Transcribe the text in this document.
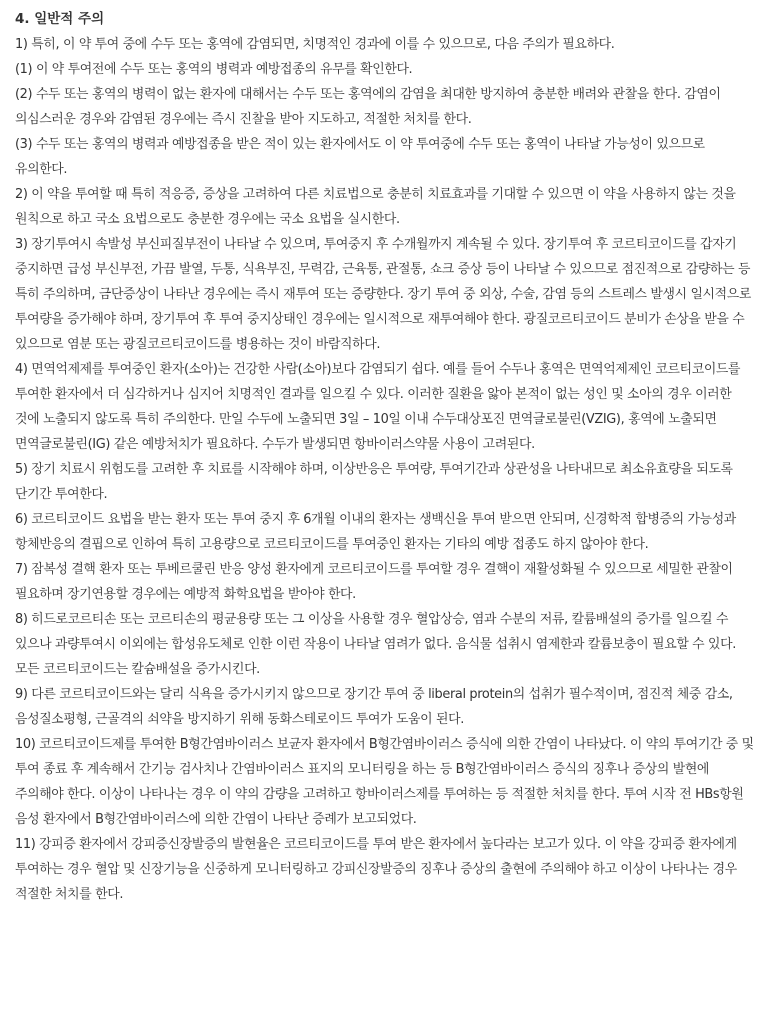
4. 일반적 주의

1) 특히, 이 약 투여 중에 수두 또는 홍역에 감염되면, 치명적인 경과에 이를 수 있으므로, 다음 주의가 필요하다.

(1) 이 약 투여전에 수두 또는 홍역의 병력과 예방접종의 유무를 확인한다.

(2) 수두 또는 홍역의 병력이 없는 환자에 대해서는 수두 또는 홍역에의 감염을 최대한 방지하여 충분한 배려와 관찰을 한다. 감염이 의심스러운 경우와 감염된 경우에는 즉시 진찰을 받아 지도하고, 적절한 처치를 한다.

(3) 수두 또는 홍역의 병력과 예방접종을 받은 적이 있는 환자에서도 이 약 투여중에 수두 또는 홍역이 나타날 가능성이 있으므로 유의한다.

2) 이 약을 투여할 때 특히 적응증, 증상을 고려하여 다른 치료법으로 충분히 치료효과를 기대할 수 있으면 이 약을 사용하지 않는 것을 원칙으로 하고 국소 요법으로도 충분한 경우에는 국소 요법을 실시한다.

3) 장기투여시 속발성 부신피질부전이 나타날 수 있으며, 투여중지 후 수개월까지 계속될 수 있다. 장기투여 후 코르티코이드를 갑자기 중지하면 급성 부신부전, 가끔 발열, 두통, 식욕부진, 무력감, 근육통, 관절통, 쇼크 증상 등이 나타날 수 있으므로 점진적으로 감량하는 등 특히 주의하며, 금단증상이 나타난 경우에는 즉시 재투여 또는 증량한다. 장기 투여 중 외상, 수술, 감염 등의 스트레스 발생시 일시적으로 투여량을 증가해야 하며, 장기투여 후 투여 중지상태인 경우에는 일시적으로 재투여해야 한다. 광질코르티코이드 분비가 손상을 받을 수 있으므로 염분 또는 광질코르티코이드를 병용하는 것이 바람직하다.

4) 면역억제제를 투여중인 환자(소아)는 건강한 사람(소아)보다 감염되기 쉽다. 예를 들어 수두나 홍역은 면역억제제인 코르티코이드를 투여한 환자에서 더 심각하거나 심지어 치명적인 결과를 일으킬 수 있다. 이러한 질환을 앓아 본적이 없는 성인 및 소아의 경우 이러한 것에 노출되지 않도록 특히 주의한다. 만일 수두에 노출되면 3일 – 10일 이내 수두대상포진 면역글로불린(VZIG), 홍역에 노출되면 면역글로불린(IG) 같은 예방처치가 필요하다. 수두가 발생되면 항바이러스약물 사용이 고려된다.

5) 장기 치료시 위험도를 고려한 후 치료를 시작해야 하며, 이상반응은 투여량, 투여기간과 상관성을 나타내므로 최소유효량을 되도록 단기간 투여한다.

6) 코르티코이드 요법을 받는 환자 또는 투여 중지 후 6개월 이내의 환자는 생백신을 투여 받으면 안되며, 신경학적 합병증의 가능성과 항체반응의 결핍으로 인하여 특히 고용량으로 코르티코이드를 투여중인 환자는 기타의 예방 접종도 하지 않아야 한다.

7) 잠복성 결핵 환자 또는 투베르쿨린 반응 양성 환자에게 코르티코이드를 투여할 경우 결핵이 재활성화될 수 있으므로 세밀한 관찰이 필요하며 장기연용할 경우에는 예방적 화학요법을 받아야 한다.

8) 히드로코르티손 또는 코르티손의 평균용량 또는 그 이상을 사용할 경우 혈압상승, 염과 수분의 저류, 칼륨배설의 증가를 일으킬 수 있으나 과량투여시 이외에는 합성유도체로 인한 이런 작용이 나타날 염려가 없다. 음식물 섭취시 염제한과 칼륨보충이 필요할 수 있다. 모든 코르티코이드는 칼슘배설을 증가시킨다.

9) 다른 코르티코이드와는 달리 식욕을 증가시키지 않으므로 장기간 투여 중 liberal protein의 섭취가 필수적이며, 점진적 체중 감소, 음성질소평형, 근골격의 쇠약을 방지하기 위해 동화스테로이드 투여가 도움이 된다.

10) 코르티코이드제를 투여한 B형간염바이러스 보균자 환자에서 B형간염바이러스 증식에 의한 간염이 나타났다. 이 약의 투여기간 중 및 투여 종료 후 계속해서 간기능 검사치나 간염바이러스 표지의 모니터링을 하는 등 B형간염바이러스 증식의 징후나 증상의 발현에 주의해야 한다. 이상이 나타나는 경우 이 약의 감량을 고려하고 항바이러스제를 투여하는 등 적절한 처치를 한다. 투여 시작 전 HBs항원 음성 환자에서 B형간염바이러스에 의한 간염이 나타난 증례가 보고되었다.

11) 강피증 환자에서 강피증신장발증의 발현율은 코르티코이드를 투여 받은 환자에서 높다라는 보고가 있다. 이 약을 강피증 환자에게 투여하는 경우 혈압 및 신장기능을 신중하게 모니터링하고 강피신장발증의 징후나 증상의 출현에 주의해야 하고 이상이 나타나는 경우 적절한 처치를 한다.
